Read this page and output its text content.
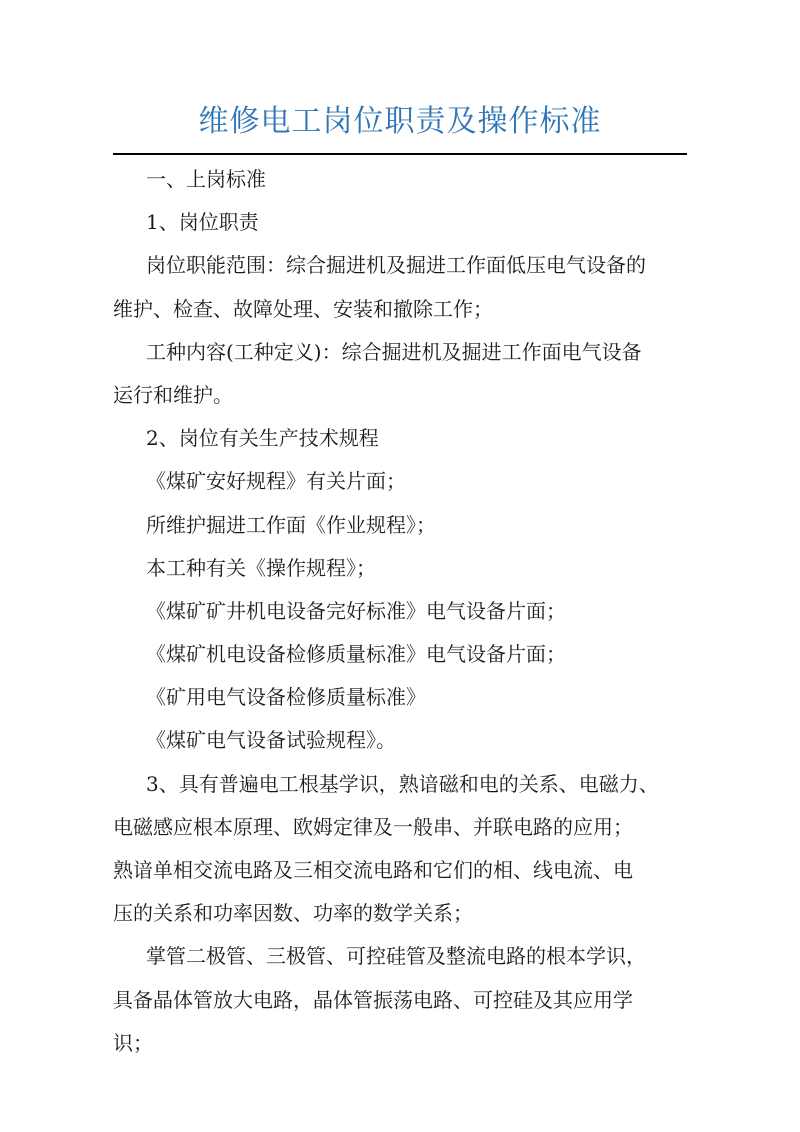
维修电工岗位职责及操作标准
一、上岗标准
1、岗位职责
岗位职能范围：综合掘进机及掘进工作面低压电气设备的
维护、检查、故障处理、安装和撤除工作；
工种内容(工种定义)：综合掘进机及掘进工作面电气设备
运行和维护。
2、岗位有关生产技术规程
《煤矿安好规程》有关片面；
所维护掘进工作面《作业规程》；
本工种有关《操作规程》；
《煤矿矿井机电设备完好标准》电气设备片面；
《煤矿机电设备检修质量标准》电气设备片面；
《矿用电气设备检修质量标准》
《煤矿电气设备试验规程》。
3、具有普遍电工根基学识，熟谙磁和电的关系、电磁力、
电磁感应根本原理、欧姆定律及一般串、并联电路的应用；
熟谙单相交流电路及三相交流电路和它们的相、线电流、电
压的关系和功率因数、功率的数学关系；
掌管二极管、三极管、可控硅管及整流电路的根本学识，
具备晶体管放大电路，晶体管振荡电路、可控硅及其应用学
识；
